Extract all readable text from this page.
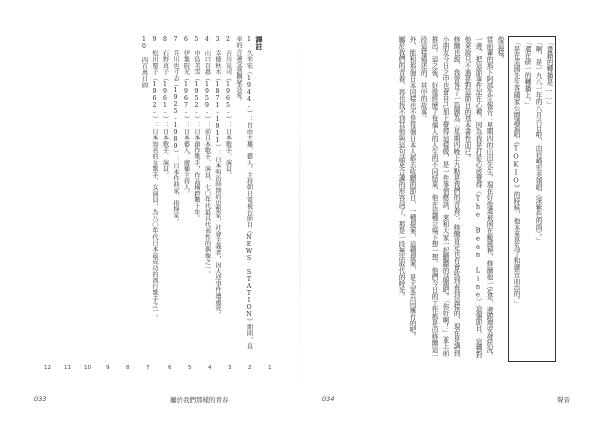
譯註
1 久米宏（1944-）：自由主播、藝人。主持朝日電視台節目《NEWS STATION》期間，直率的言論受到觀眾喜愛。
2 吉川晃司（1965-）：日本歌手、演員。
3 幸德秋水（1871-1911）：日本明治時期的思想家、社會主義者，因大逆事件遭處死。
4 山口百惠（1959-）：前日本歌手、演員，七〇年代最具代表性的偶像之一。
5 中島美雪（1952-）：日本創作歌手，作品橫跨數十年。
6 伊集院光（1967-）：日本藝人、廣播主持人。
7 芥川也寸志（1925-1989）：日本作曲家、指揮家。
8 石野真子（1961-）：日本歌手、演員。
9 松田聖子（1962-）：日本知名的女歌手、女演員，為八〇年代日本最成功的流行歌手之一。
10 四百萬日圓
1
2
3
4
5
6
7
8
9
10
11
12
033	屬於我們那樣的青春
「書籍的轉播是……」
「啊，是一九八一年的八月六日啦，由岩崎宏美領唱〈深紫色的雨〉。」
「還在研一的轉播上。」
「是在美國先生各國家公園講道唱《TOKIO》的時候，他本來是為了和廣告而出的。」
像這樣。
當前輩的那下阿部先生報告：星期四的山田先生，現在好像還被困在颱風裡，修爾他一定是，邊跟理安發狀況，一邊，把這節事件記在心裡，因為我是打從心底覺得〈The Bean Line〉這個節目，這種對他來說只不過是對這節目的基本書性而已。
修爾也說，我曾答了一篇題為〈星期四晚上九點是我們的青春〉，修爾肯定也有會收到看到這樣的，現在是講到小朋友今日之中也會自己加上覺得這樣做，是一件事情應該，來和大家一起聽聽的話題吧。「你好啊！」並上前推出。這之後，好像經歷了每個人的人生的不同結果，他在這種立場下想一想，他們今日的工作都是由修爾這一段這樣描述的，其中的故事。
外，能和那個日本同樣也不是每個日本人都去收聽的節目，一種提案，這種提案，是大家共同擁有的吧。
屬於我們的青春，再也找不到其他與這句話更合適的形容詞了，那是一段無法取代的時光。
聲音
034
